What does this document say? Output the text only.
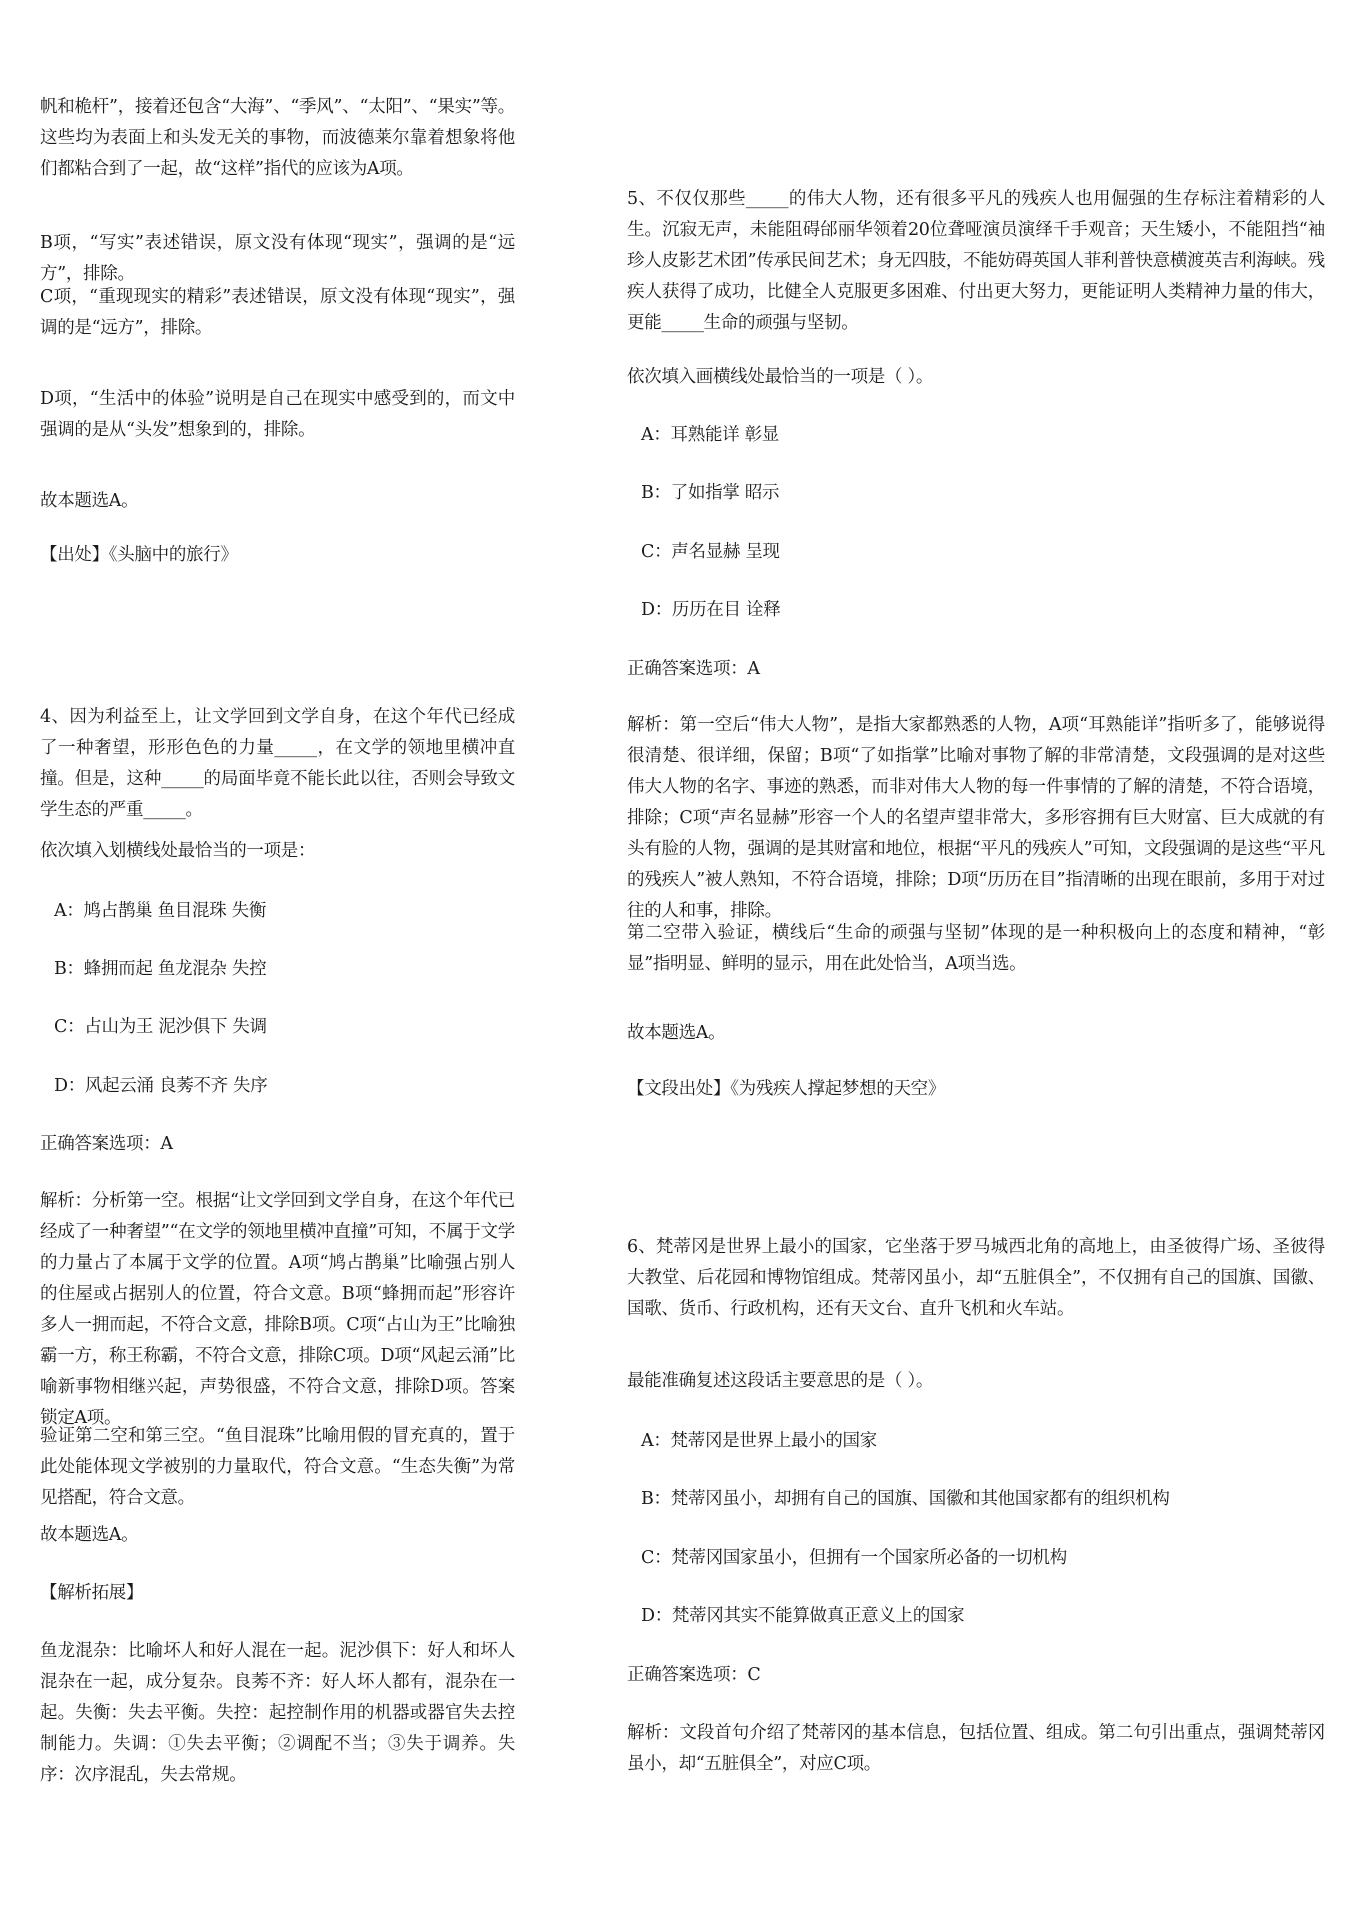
帆和桅杆”，接着还包含“大海”、“季风”、“太阳”、“果实”等。这些均为表面上和头发无关的事物，而波德莱尔靠着想象将他们都粘合到了一起，故“这样”指代的应该为A项。

B项，“写实”表述错误，原文没有体现“现实”，强调的是“远方”，排除。

C项，“重现现实的精彩”表述错误，原文没有体现“现实”，强调的是“远方”，排除。

D项，“生活中的体验”说明是自己在现实中感受到的，而文中强调的是从“头发”想象到的，排除。

故本题选A。

【出处】《头脑中的旅行》

4、因为利益至上，让文学回到文学自身，在这个年代已经成了一种奢望，形形色色的力量_____，在文学的领地里横冲直撞。但是，这种_____的局面毕竟不能长此以往，否则会导致文学生态的严重_____。

依次填入划横线处最恰当的一项是：

A：鸠占鹊巢 鱼目混珠 失衡

B：蜂拥而起 鱼龙混杂 失控

C：占山为王 泥沙俱下 失调

D：风起云涌 良莠不齐 失序

正确答案选项：A

解析：分析第一空。根据“让文学回到文学自身，在这个年代已经成了一种奢望”“在文学的领地里横冲直撞”可知，不属于文学的力量占了本属于文学的位置。A项“鸠占鹊巢”比喻强占别人的住屋或占据别人的位置，符合文意。B项“蜂拥而起”形容许多人一拥而起，不符合文意，排除B项。C项“占山为王”比喻独霸一方，称王称霸，不符合文意，排除C项。D项“风起云涌”比喻新事物相继兴起，声势很盛，不符合文意，排除D项。答案锁定A项。

验证第二空和第三空。“鱼目混珠”比喻用假的冒充真的，置于此处能体现文学被别的力量取代，符合文意。“生态失衡”为常见搭配，符合文意。

故本题选A。

【解析拓展】

鱼龙混杂：比喻坏人和好人混在一起。泥沙俱下：好人和坏人混杂在一起，成分复杂。良莠不齐：好人坏人都有，混杂在一起。失衡：失去平衡。失控：起控制作用的机器或器官失去控制能力。失调：①失去平衡；②调配不当；③失于调养。失序：次序混乱，失去常规。

5、不仅仅那些_____的伟大人物，还有很多平凡的残疾人也用倔强的生存标注着精彩的人生。沉寂无声，未能阻碍邰丽华领着20位聋哑演员演绎千手观音；天生矮小，不能阻挡“袖珍人皮影艺术团”传承民间艺术；身无四肢，不能妨碍英国人菲利普快意横渡英吉利海峡。残疾人获得了成功，比健全人克服更多困难、付出更大努力，更能证明人类精神力量的伟大，更能_____生命的顽强与坚韧。

依次填入画横线处最恰当的一项是（ ）。

A：耳熟能详 彰显

B：了如指掌 昭示

C：声名显赫 呈现

D：历历在目 诠释

正确答案选项：A

解析：第一空后“伟大人物”，是指大家都熟悉的人物，A项“耳熟能详”指听多了，能够说得很清楚、很详细，保留；B项“了如指掌”比喻对事物了解的非常清楚，文段强调的是对这些伟大人物的名字、事迹的熟悉，而非对伟大人物的每一件事情的了解的清楚，不符合语境，排除；C项“声名显赫”形容一个人的名望声望非常大，多形容拥有巨大财富、巨大成就的有头有脸的人物，强调的是其财富和地位，根据“平凡的残疾人”可知，文段强调的是这些“平凡的残疾人”被人熟知，不符合语境，排除；D项“历历在目”指清晰的出现在眼前，多用于对过往的人和事，排除。

第二空带入验证，横线后“生命的顽强与坚韧”体现的是一种积极向上的态度和精神，“彰显”指明显、鲜明的显示，用在此处恰当，A项当选。

故本题选A。

【文段出处】《为残疾人撑起梦想的天空》

6、梵蒂冈是世界上最小的国家，它坐落于罗马城西北角的高地上，由圣彼得广场、圣彼得大教堂、后花园和博物馆组成。梵蒂冈虽小，却“五脏俱全”，不仅拥有自己的国旗、国徽、国歌、货币、行政机构，还有天文台、直升飞机和火车站。

最能准确复述这段话主要意思的是（ ）。

A：梵蒂冈是世界上最小的国家

B：梵蒂冈虽小，却拥有自己的国旗、国徽和其他国家都有的组织机构

C：梵蒂冈国家虽小，但拥有一个国家所必备的一切机构

D：梵蒂冈其实不能算做真正意义上的国家

正确答案选项：C

解析：文段首句介绍了梵蒂冈的基本信息，包括位置、组成。第二句引出重点，强调梵蒂冈虽小，却“五脏俱全”，对应C项。
